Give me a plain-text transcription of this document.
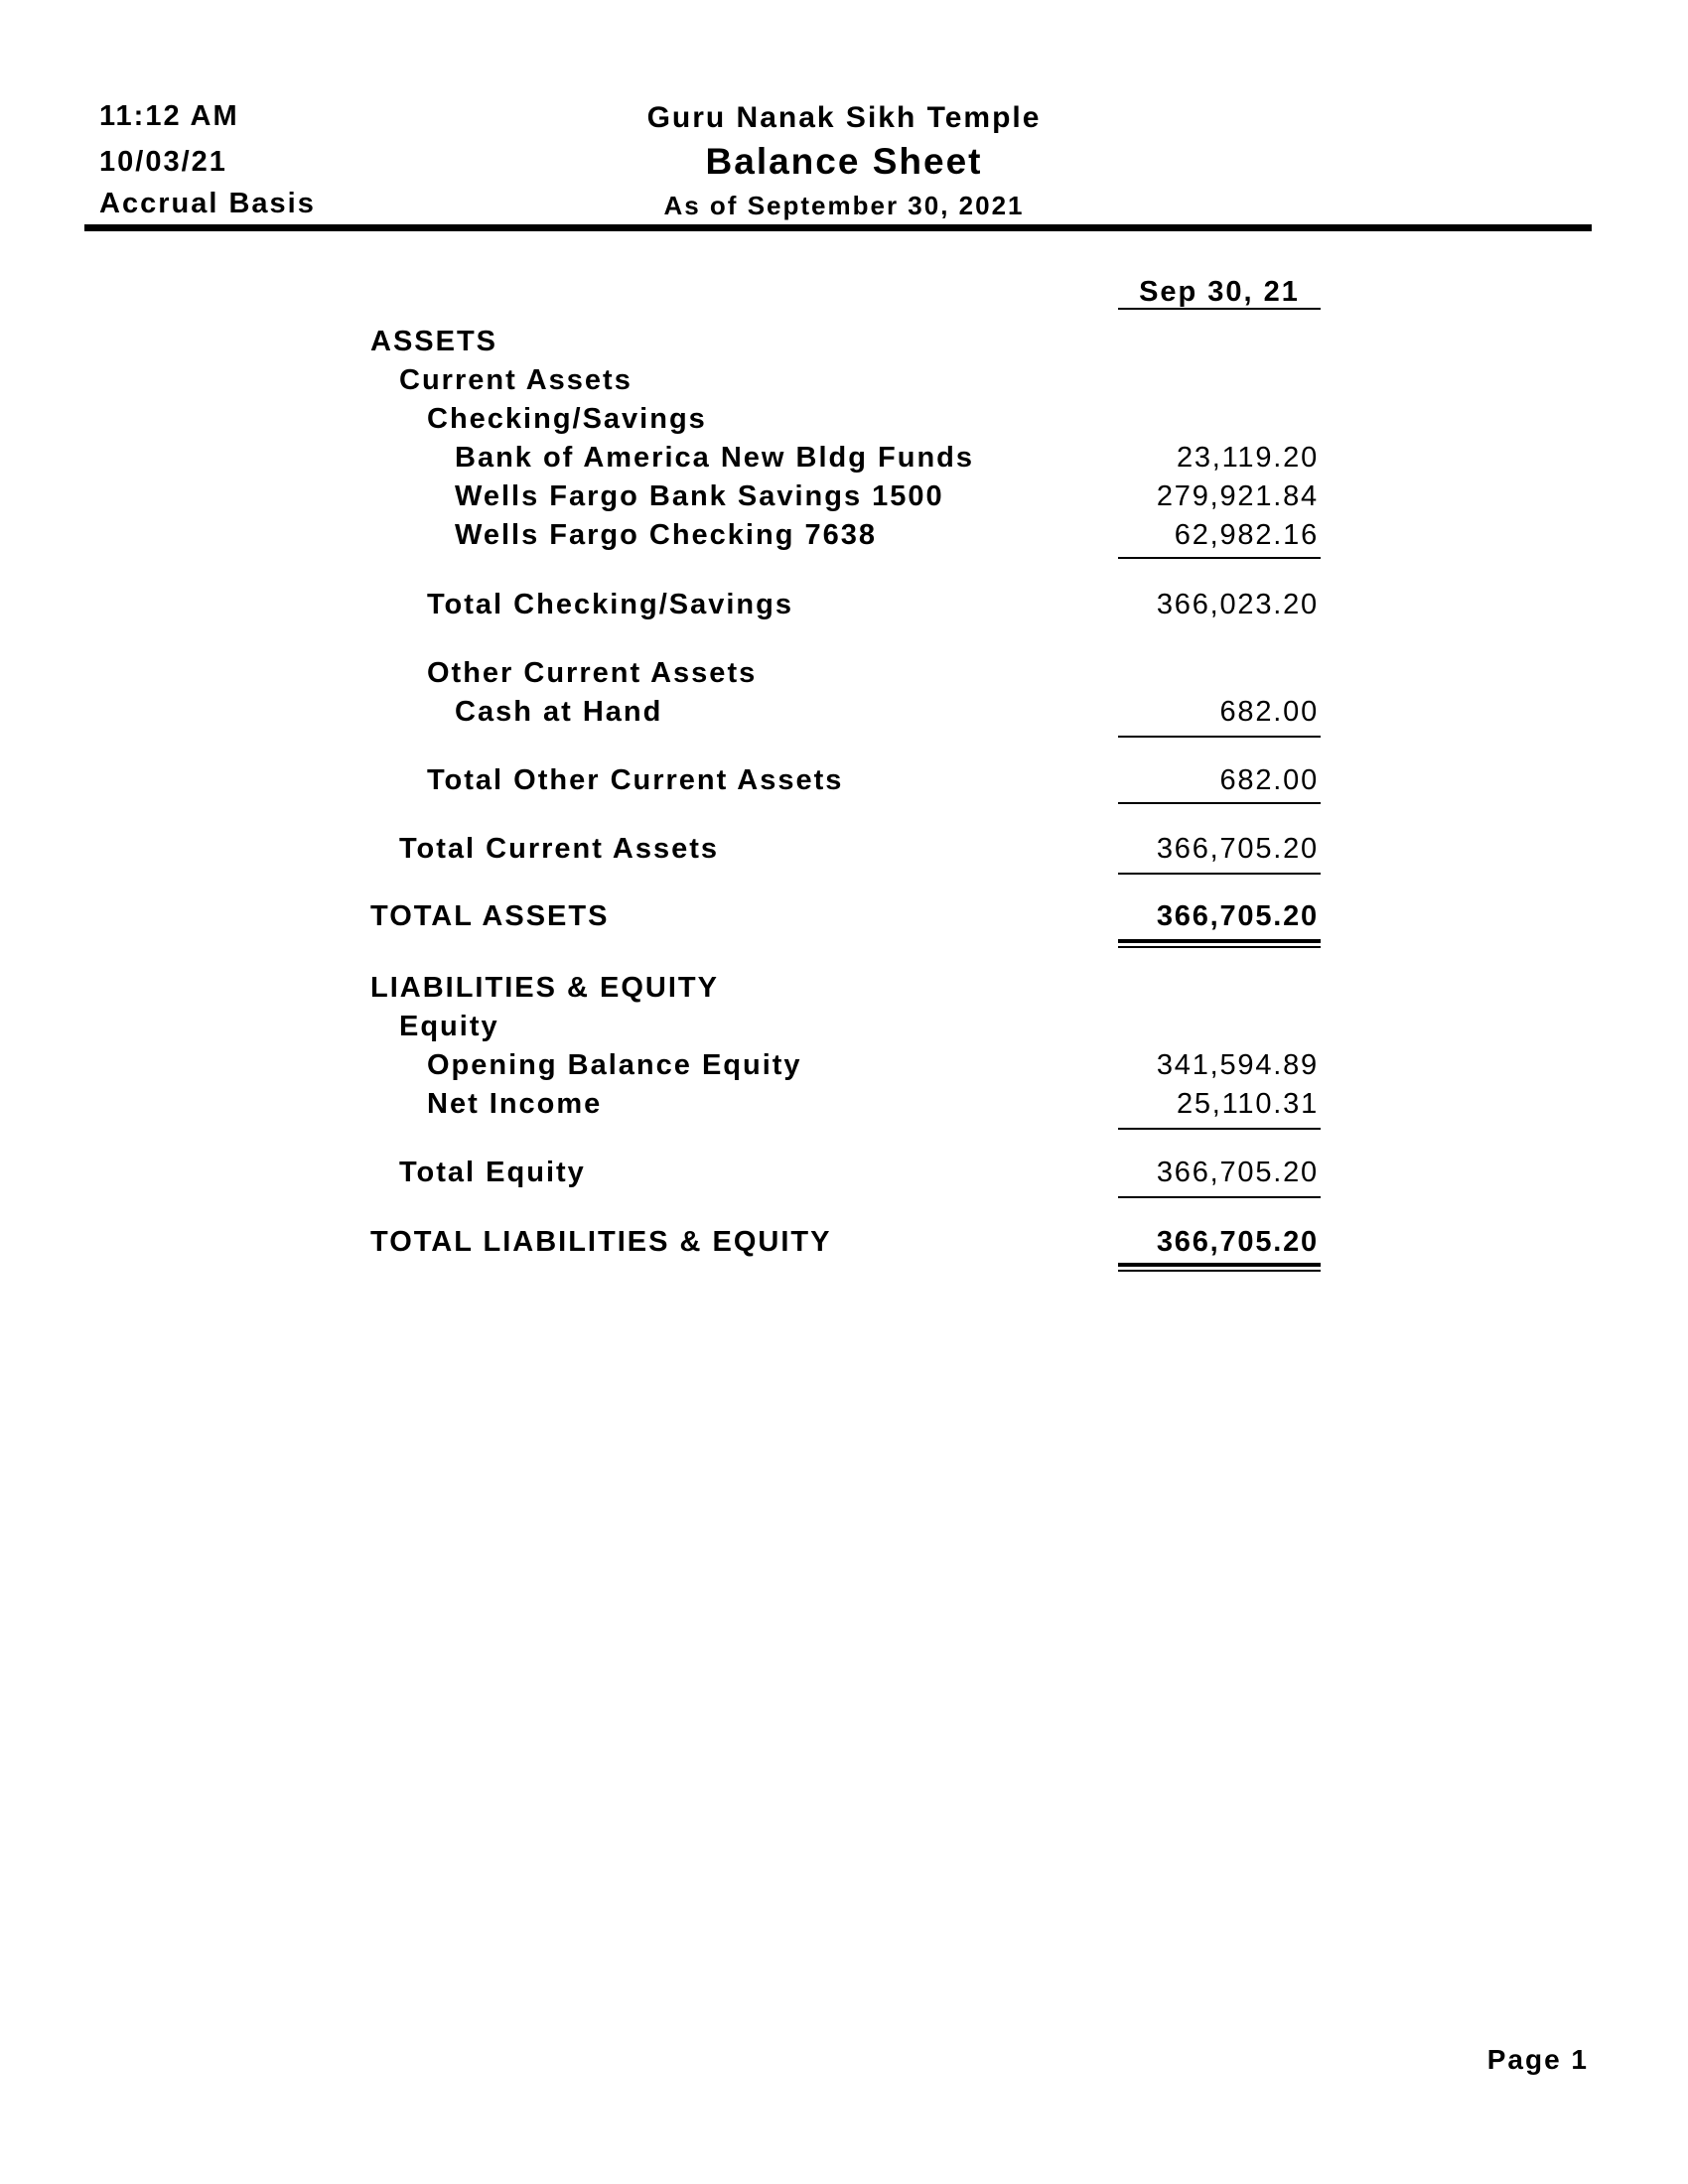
11:12 AM
10/03/21
Accrual Basis
Guru Nanak Sikh Temple
Balance Sheet
As of September 30, 2021
Sep 30, 21
ASSETS
Current Assets
Checking/Savings
Bank of America New Bldg Funds	23,119.20
Wells Fargo Bank Savings 1500	279,921.84
Wells Fargo Checking 7638	62,982.16
Total Checking/Savings	366,023.20
Other Current Assets
Cash at Hand	682.00
Total Other Current Assets	682.00
Total Current Assets	366,705.20
TOTAL ASSETS	366,705.20
LIABILITIES & EQUITY
Equity
Opening Balance Equity	341,594.89
Net Income	25,110.31
Total Equity	366,705.20
TOTAL LIABILITIES & EQUITY	366,705.20
Page 1
